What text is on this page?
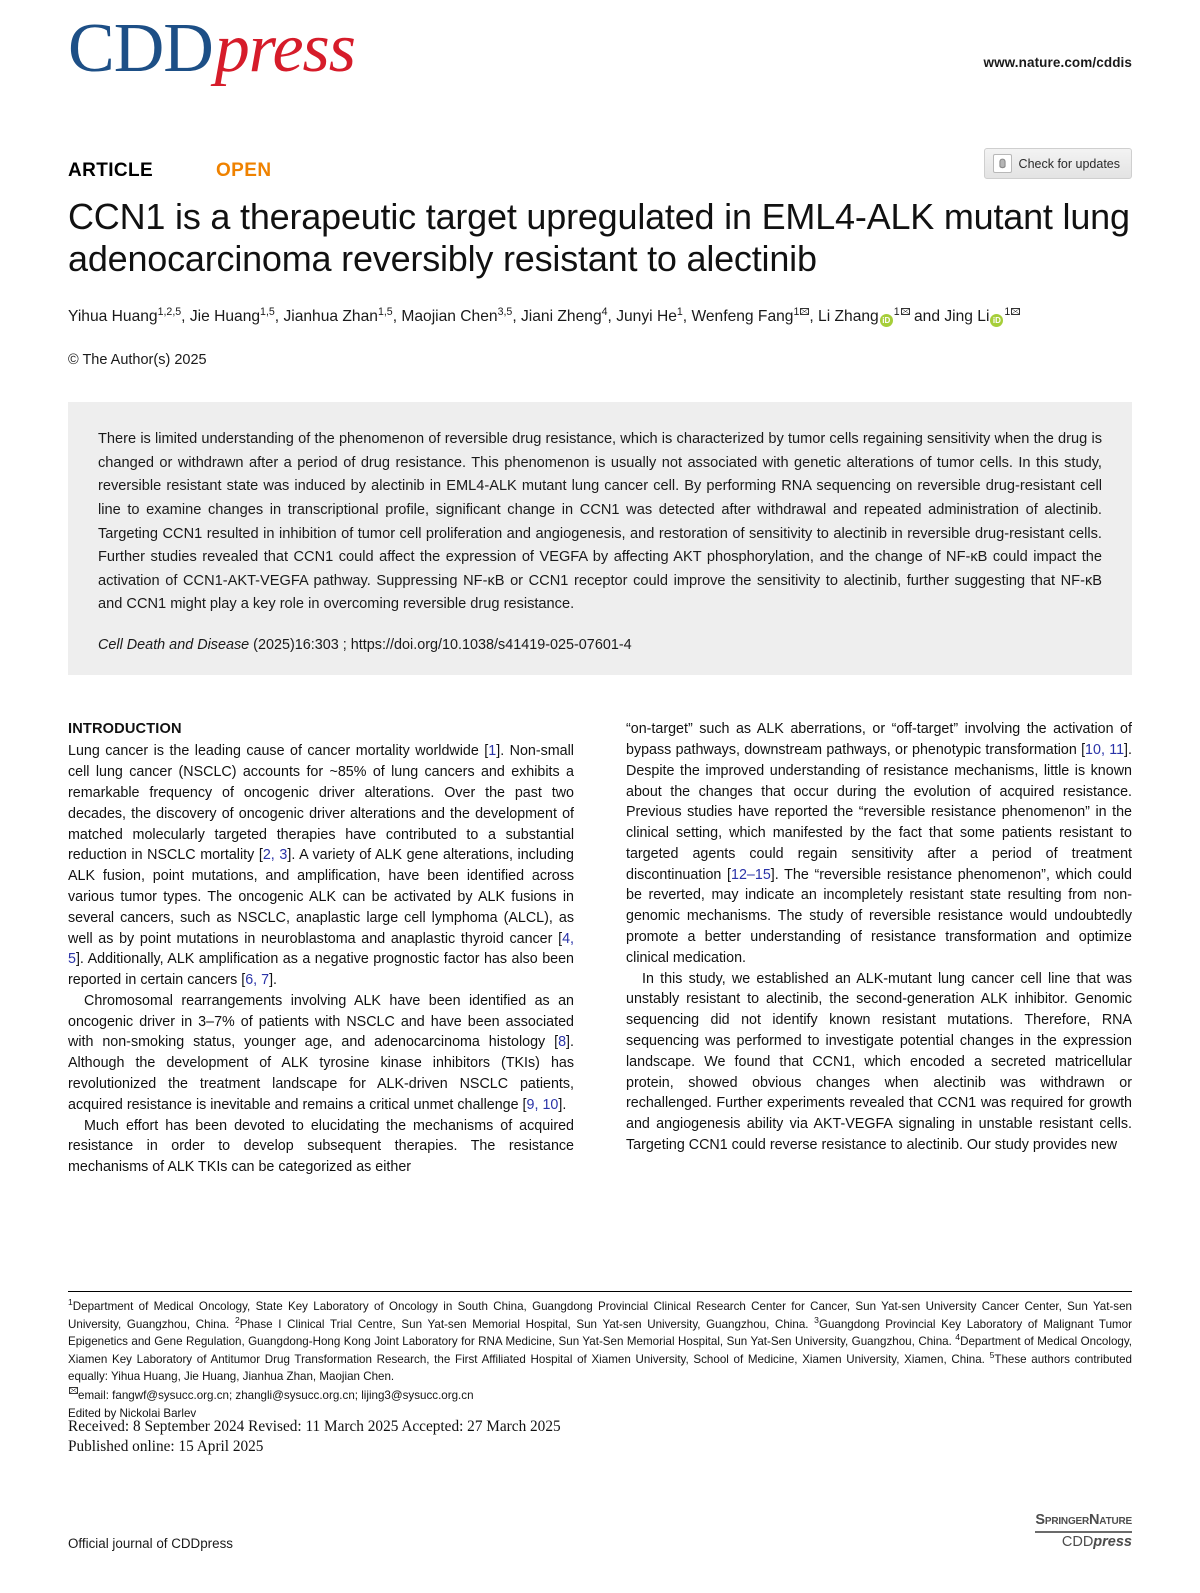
CDDpress	www.nature.com/cddis
ARTICLE	OPEN	Check for updates
CCN1 is a therapeutic target upregulated in EML4-ALK mutant lung adenocarcinoma reversibly resistant to alectinib
Yihua Huang$^{1,2,5}$, Jie Huang$^{1,5}$, Jianhua Zhan$^{1,5}$, Maojian Chen$^{3,5}$, Jiani Zheng$^4$, Junyi He$^1$, Wenfeng Fang$^1$ , Li Zhang $iD^1$ and Jing Li $iD^1$
© The Author(s) 2025

There is limited understanding of the phenomenon of reversible drug resistance, which is characterized by tumor cells regaining sensitivity when the drug is changed or withdrawn after a period of drug resistance. This phenomenon is usually not associated with genetic alterations of tumor cells. In this study, reversible resistant state was induced by alectinib in EML4-ALK mutant lung cancer cell. By performing RNA sequencing on reversible drug-resistant cell line to examine changes in transcriptional profile, significant change in CCN1 was detected after withdrawal and repeated administration of alectinib. Targeting CCN1 resulted in inhibition of tumor cell proliferation and angiogenesis, and restoration of sensitivity to alectinib in reversible drug-resistant cells. Further studies revealed that CCN1 could affect the expression of VEGFA by affecting AKT phosphorylation, and the change of NF-κB could impact the activation of CCN1-AKT-VEGFA pathway. Suppressing NF-κB or CCN1 receptor could improve the sensitivity to alectinib, further suggesting that NF-κB and CCN1 might play a key role in overcoming reversible drug resistance.

Cell Death and Disease (2025)16:303 ; https://doi.org/10.1038/s41419-025-07601-4
INTRODUCTION

Lung cancer is the leading cause of cancer mortality worldwide [1]. Non-small cell lung cancer (NSCLC) accounts for ~85% of lung cancers and exhibits a remarkable frequency of oncogenic driver alterations. Over the past two decades, the discovery of oncogenic driver alterations and the development of matched molecularly targeted therapies have contributed to a substantial reduction in NSCLC mortality [2, 3]. A variety of ALK gene alterations, including ALK fusion, point mutations, and amplification, have been identified across various tumor types. The oncogenic ALK can be activated by ALK fusions in several cancers, such as NSCLC, anaplastic large cell lymphoma (ALCL), as well as by point mutations in neuroblastoma and anaplastic thyroid cancer [4, 5]. Additionally, ALK amplification as a negative prognostic factor has also been reported in certain cancers [6, 7].

Chromosomal rearrangements involving ALK have been identified as an oncogenic driver in 3–7% of patients with NSCLC and have been associated with non-smoking status, younger age, and adenocarcinoma histology [8]. Although the development of ALK tyrosine kinase inhibitors (TKIs) has revolutionized the treatment landscape for ALK-driven NSCLC patients, acquired resistance is inevitable and remains a critical unmet challenge [9, 10].

Much effort has been devoted to elucidating the mechanisms of acquired resistance in order to develop subsequent therapies. The resistance mechanisms of ALK TKIs can be categorized as either

“on-target” such as ALK aberrations, or “off-target” involving the activation of bypass pathways, downstream pathways, or phenotypic transformation [10, 11]. Despite the improved understanding of resistance mechanisms, little is known about the changes that occur during the evolution of acquired resistance. Previous studies have reported the “reversible resistance phenomenon” in the clinical setting, which manifested by the fact that some patients resistant to targeted agents could regain sensitivity after a period of treatment discontinuation [12–15]. The “reversible resistance phenomenon”, which could be reverted, may indicate an incompletely resistant state resulting from non-genomic mechanisms. The study of reversible resistance would undoubtedly promote a better understanding of resistance transformation and optimize clinical medication.

In this study, we established an ALK-mutant lung cancer cell line that was unstably resistant to alectinib, the second-generation ALK inhibitor. Genomic sequencing did not identify known resistant mutations. Therefore, RNA sequencing was performed to investigate potential changes in the expression landscape. We found that CCN1, which encoded a secreted matricellular protein, showed obvious changes when alectinib was withdrawn or rechallenged. Further experiments revealed that CCN1 was required for growth and angiogenesis ability via AKT-VEGFA signaling in unstable resistant cells. Targeting CCN1 could reverse resistance to alectinib. Our study provides new

$^1$Department of Medical Oncology, State Key Laboratory of Oncology in South China, Guangdong Provincial Clinical Research Center for Cancer, Sun Yat-sen University Cancer Center, Sun Yat-sen University, Guangzhou, China. $^2$Phase I Clinical Trial Centre, Sun Yat-sen Memorial Hospital, Sun Yat-sen University, Guangzhou, China. $^3$Guangdong Provincial Key Laboratory of Malignant Tumor Epigenetics and Gene Regulation, Guangdong-Hong Kong Joint Laboratory for RNA Medicine, Sun Yat-Sen Memorial Hospital, Sun Yat-Sen University, Guangzhou, China. $^4$Department of Medical Oncology, Xiamen Key Laboratory of Antitumor Drug Transformation Research, the First Affiliated Hospital of Xiamen University, School of Medicine, Xiamen University, Xiamen, China. $^5$These authors contributed equally: Yihua Huang, Jie Huang, Jianhua Zhan, Maojian Chen.
email: fangwf@sysucc.org.cn; zhangli@sysucc.org.cn; lijing3@sysucc.org.cn
Edited by Nickolai Barlev
Received: 8 September 2024 Revised: 11 March 2025 Accepted: 27 March 2025
Published online: 15 April 2025
Official journal of CDDpress
SpringerNature
CDDpress
